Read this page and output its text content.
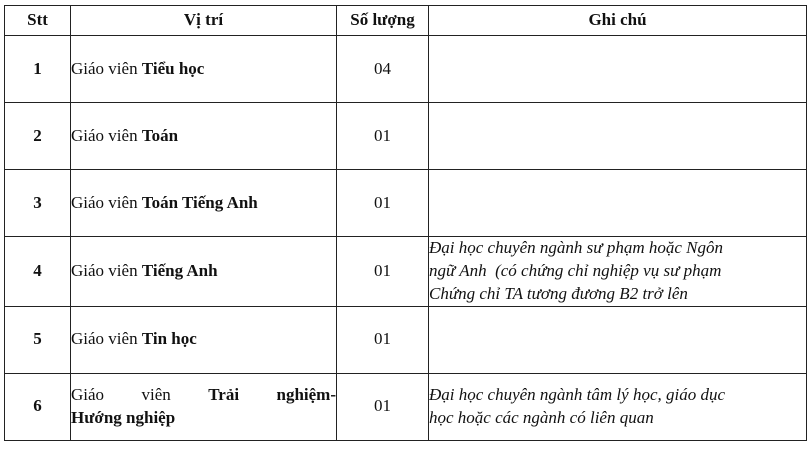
Stt	Vị trí	Số lượng	Ghi chú
1	Giáo viên Tiểu học	04	
2	Giáo viên Toán	01	
3	Giáo viên Toán Tiếng Anh	01	
4	Giáo viên Tiếng Anh	01	Đại học chuyên ngành sư phạm hoặc Ngôn
ngữ Anh  (có chứng chỉ nghiệp vụ sư phạm
Chứng chỉ TA tương đương B2 trở lên

5	Giáo viên Tin học	01	
6	Giáo viên Trải nghiệm-
Hướng nghiệp	01	Đại học chuyên ngành tâm lý học, giáo dục
học hoặc các ngành có liên quan
